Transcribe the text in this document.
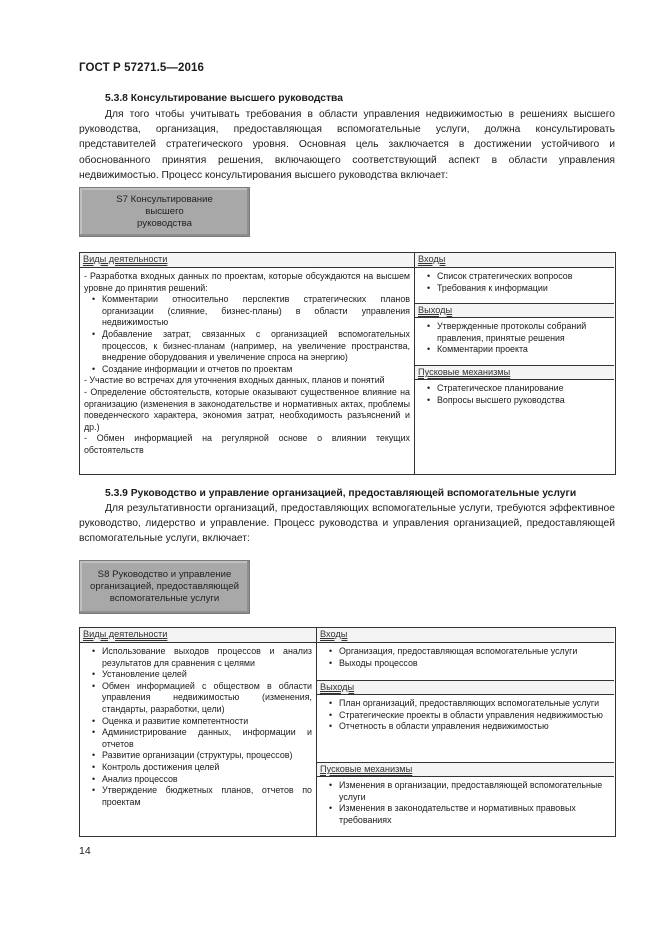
ГОСТ Р 57271.5—2016
5.3.8 Консультирование высшего руководства
Для того чтобы учитывать требования в области управления недвижимостью в решениях высшего руководства, организация, предоставляющая вспомогательные услуги, должна консультировать представителей стратегического уровня. Основная цель заключается в достижении устойчивого и обоснованного принятия решения, включающего соответствующий аспект в области управления недвижимостью. Процесс консультирования высшего руководства включает:
S7 Консультирование
высшего
руководства
Виды деятельности
- Разработка входных данных по проектам, которые обсуждаются на высшем уровне до принятия решений:
• Комментарии относительно перспектив стратегических планов организации (слияние, бизнес-планы) в области управления недвижимостью
• Добавление затрат, связанных с организацией вспомогательных процессов, к бизнес-планам (например, на увеличение пространства, внедрение оборудования и увеличение спроса на энергию)
• Создание информации и отчетов по проектам
- Участие во встречах для уточнения входных данных, планов и понятий
- Определение обстоятельств, которые оказывают существенное влияние на организацию (изменения в законодательстве и нормативных актах, проблемы поведенческого характера, экономия затрат, необходимость разъяснений и др.)
- Обмен информацией на регулярной основе о влиянии текущих обстоятельств
Входы
• Список стратегических вопросов
• Требования к информации
Выходы
• Утвержденные протоколы собраний правления, принятые решения
• Комментарии проекта
Пусковые механизмы
• Стратегическое планирование
• Вопросы высшего руководства
5.3.9 Руководство и управление организацией, предоставляющей вспомогательные услуги
Для результативности организаций, предоставляющих вспомогательные услуги, требуются эффективное руководство, лидерство и управление. Процесс руководства и управления организацией, предоставляющей вспомогательные услуги, включает:
S8 Руководство и управление
организацией, предоставляющей
вспомогательные услуги
Виды деятельности
• Использование выходов процессов и анализ результатов для сравнения с целями
• Установление целей
• Обмен информацией с обществом в области управления недвижимостью (изменения, стандарты, разработки, цели)
• Оценка и развитие компетентности
• Администрирование данных, информации и отчетов
• Развитие организации (структуры, процессов)
• Контроль достижения целей
• Анализ процессов
• Утверждение бюджетных планов, отчетов по проектам
Входы
• Организация, предоставляющая вспомогательные услуги
• Выходы процессов
Выходы
• План организаций, предоставляющих вспомогательные услуги
• Стратегические проекты в области управления недвижимостью
• Отчетность в области управления недвижимостью
Пусковые механизмы
• Изменения в организации, предоставляющей вспомогательные услуги
• Изменения в законодательстве и нормативных правовых требованиях
14
